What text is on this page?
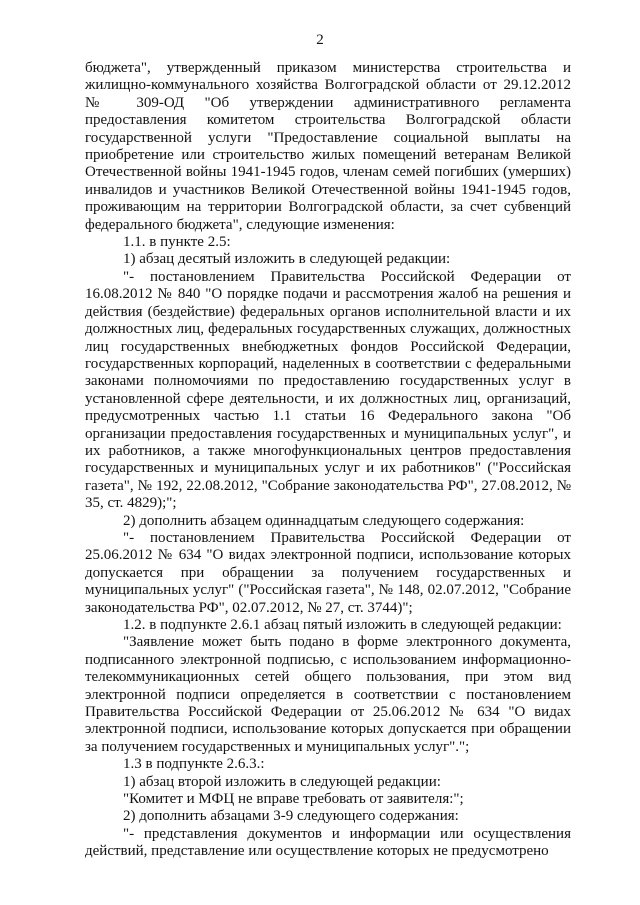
2

бюджета", утвержденный приказом министерства строительства и жилищно-коммунального хозяйства Волгоградской области от 29.12.2012 № 309-ОД "Об утверждении административного регламента предоставления комитетом строительства Волгоградской области государственной услуги "Предоставление социальной выплаты на приобретение или строительство жилых помещений ветеранам Великой Отечественной войны 1941-1945 годов, членам семей погибших (умерших) инвалидов и участников Великой Отечественной войны 1941-1945 годов, проживающим на территории Волгоградской области, за счет субвенций федерального бюджета", следующие изменения:

1.1. в пункте 2.5:

1) абзац десятый изложить в следующей редакции:

"- постановлением Правительства Российской Федерации от 16.08.2012 № 840 "О порядке подачи и рассмотрения жалоб на решения и действия (бездействие) федеральных органов исполнительной власти и их должностных лиц, федеральных государственных служащих, должностных лиц государственных внебюджетных фондов Российской Федерации, государственных корпораций, наделенных в соответствии с федеральными законами полномочиями по предоставлению государственных услуг в установленной сфере деятельности, и их должностных лиц, организаций, предусмотренных частью 1.1 статьи 16 Федерального закона "Об организации предоставления государственных и муниципальных услуг", и их работников, а также многофункциональных центров предоставления государственных и муниципальных услуг и их работников" ("Российская газета", № 192, 22.08.2012, "Собрание законодательства РФ", 27.08.2012, № 35, ст. 4829);";

2) дополнить абзацем одиннадцатым следующего содержания:

"- постановлением Правительства Российской Федерации от 25.06.2012 № 634 "О видах электронной подписи, использование которых допускается при обращении за получением государственных и муниципальных услуг" ("Российская газета", № 148, 02.07.2012, "Собрание законодательства РФ", 02.07.2012, № 27, ст. 3744)";

1.2. в подпункте 2.6.1 абзац пятый изложить в следующей редакции:

"Заявление может быть подано в форме электронного документа, подписанного электронной подписью, с использованием информационно-телекоммуникационных сетей общего пользования, при этом вид электронной подписи определяется в соответствии с постановлением Правительства Российской Федерации от 25.06.2012 № 634 "О видах электронной подписи, использование которых допускается при обращении за получением государственных и муниципальных услуг".";

1.3 в подпункте 2.6.3.:

1) абзац второй изложить в следующей редакции:

"Комитет и МФЦ не вправе требовать от заявителя:";

2) дополнить абзацами 3-9 следующего содержания:

"- представления документов и информации или осуществления действий, представление или осуществление которых не предусмотрено
